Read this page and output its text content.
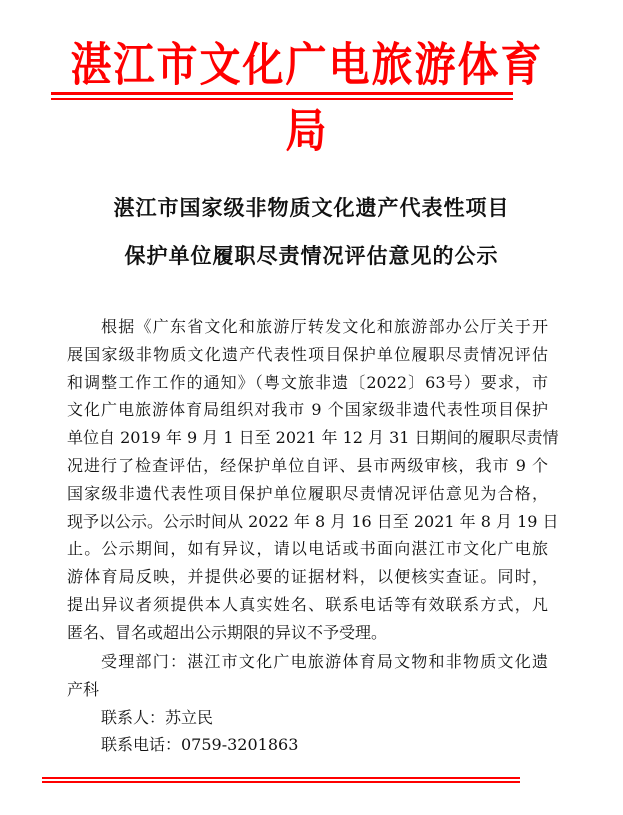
湛江市文化广电旅游体育局
湛江市国家级非物质文化遗产代表性项目
保护单位履职尽责情况评估意见的公示
根据《广东省文化和旅游厅转发文化和旅游部办公厅关于开
展国家级非物质文化遗产代表性项目保护单位履职尽责情况评估
和调整工作工作的通知》（粤文旅非遗〔2022〕63号）要求，市
文化广电旅游体育局组织对我市 9 个国家级非遗代表性项目保护
单位自 2019 年 9 月 1 日至 2021 年 12 月 31 日期间的履职尽责情
况进行了检查评估，经保护单位自评、县市两级审核，我市 9 个
国家级非遗代表性项目保护单位履职尽责情况评估意见为合格，
现予以公示。公示时间从 2022 年 8 月 16 日至 2021 年 8 月 19 日
止。公示期间，如有异议，请以电话或书面向湛江市文化广电旅
游体育局反映，并提供必要的证据材料，以便核实查证。同时，
提出异议者须提供本人真实姓名、联系电话等有效联系方式，凡
匿名、冒名或超出公示期限的异议不予受理。
受理部门：湛江市文化广电旅游体育局文物和非物质文化遗
产科
联系人：苏立民
联系电话：0759-3201863
